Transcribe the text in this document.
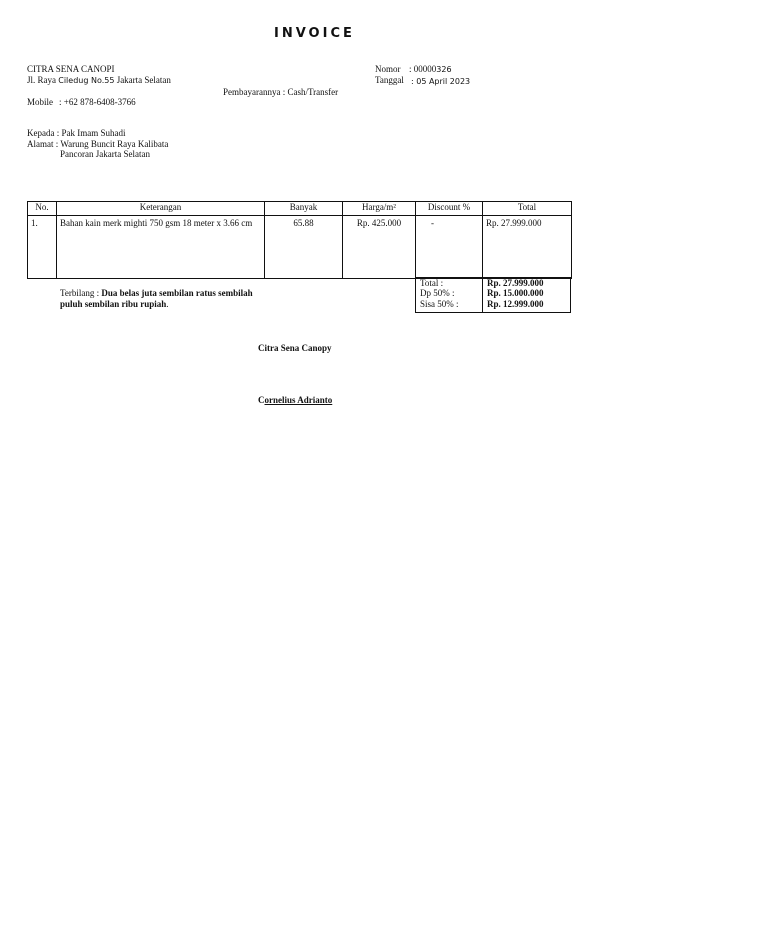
INVOICE
CITRA SENA CANOPI
Jl. Raya Ciledug No.55 Jakarta Selatan
Mobile : +62 878-6408-3766
Nomor : 00000326
Tanggal : 05 April 2023
Pembayarannya : Cash/Transfer
Kepada : Pak Imam Suhadi
Alamat : Warung Buncit Raya Kalibata
Pancoran Jakarta Selatan
No.	Keterangan	Banyak	Harga/m²	Discount %	Total
1.	Bahan kain merk mighti 750 gsm 18 meter x 3.66 cm	65.88	Rp. 425.000	-	Rp. 27.999.000
Total :	Rp. 27.999.000
Dp 50% :	Rp. 15.000.000
Sisa 50% :	Rp. 12.999.000
Terbilang : Dua belas juta sembilan ratus sembilah
puluh sembilan ribu rupiah.
Citra Sena Canopy
Cornelius Adrianto
